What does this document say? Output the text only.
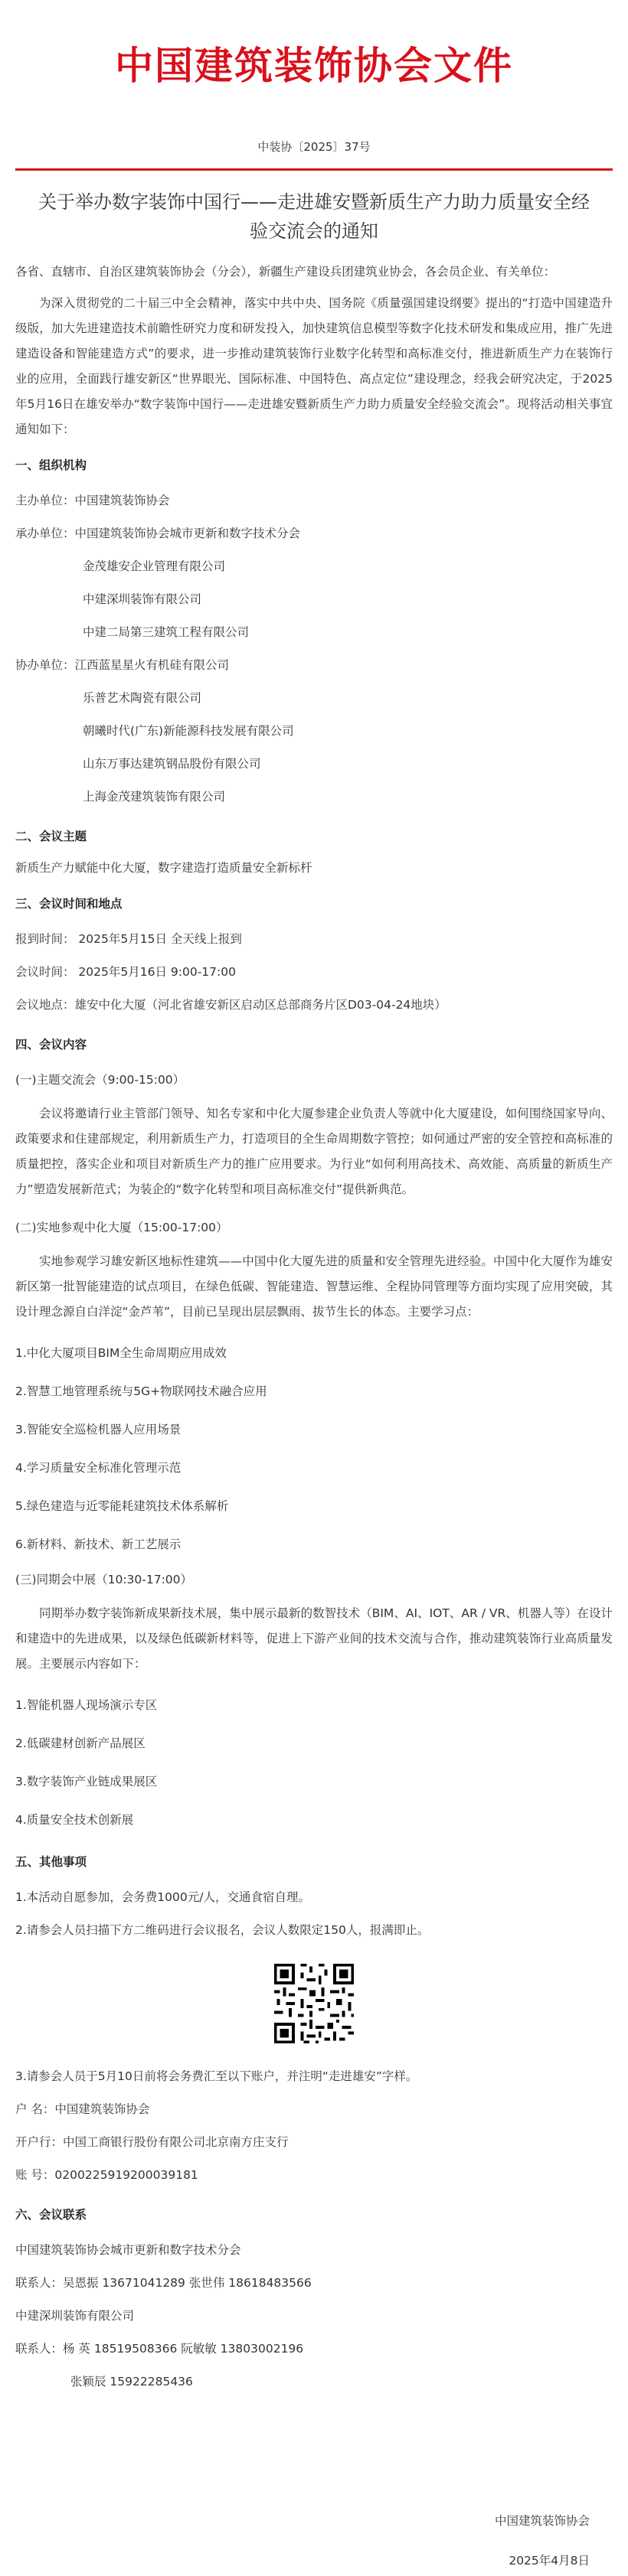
中国建筑装饰协会文件
中装协〔2025〕37号
关于举办数字装饰中国行——走进雄安暨新质生产力助力质量安全经验交流会的通知

各省、直辖市、自治区建筑装饰协会（分会），新疆生产建设兵团建筑业协会，各会员企业、有关单位：

为深入贯彻党的二十届三中全会精神，落实中共中央、国务院《质量强国建设纲要》提出的“打造中国建造升级版，加大先进建造技术前瞻性研究力度和研发投入，加快建筑信息模型等数字化技术研发和集成应用，推广先进建造设备和智能建造方式”的要求，进一步推动建筑装饰行业数字化转型和高标准交付，推进新质生产力在装饰行业的应用，全面践行雄安新区“世界眼光、国际标准、中国特色、高点定位”建设理念，经我会研究决定，于2025年5月16日在雄安举办“数字装饰中国行——走进雄安暨新质生产力助力质量安全经验交流会”。现将活动相关事宜通知如下：

一、组织机构
主办单位： 中国建筑装饰协会
承办单位： 中国建筑装饰协会城市更新和数字技术分会
金茂雄安企业管理有限公司
中建深圳装饰有限公司
中建二局第三建筑工程有限公司
协办单位： 江西蓝星星火有机硅有限公司
乐普艺术陶瓷有限公司
朝曦时代(广东)新能源科技发展有限公司
山东万事达建筑钢品股份有限公司
上海金茂建筑装饰有限公司
二、会议主题

新质生产力赋能中化大厦，数字建造打造质量安全新标杆

三、会议时间和地点
报到时间： 2025年5月15日 全天线上报到
会议时间： 2025年5月16日 9:00-17:00
会议地点：雄安中化大厦（河北省雄安新区启动区总部商务片区D03-04-24地块）
四、会议内容
(一)主题交流会（9:00-15:00）

会议将邀请行业主管部门领导、知名专家和中化大厦参建企业负责人等就中化大厦建设，如何围绕国家导向、政策要求和住建部规定，利用新质生产力，打造项目的全生命周期数字管控；如何通过严密的安全管控和高标准的质量把控，落实企业和项目对新质生产力的推广应用要求。为行业“如何利用高技术、高效能、高质量的新质生产力”塑造发展新范式；为装企的“数字化转型和项目高标准交付”提供新典范。

(二)实地参观中化大厦（15:00-17:00）

实地参观学习雄安新区地标性建筑——中国中化大厦先进的质量和安全管理先进经验。中国中化大厦作为雄安新区第一批智能建造的试点项目，在绿色低碳、智能建造、智慧运维、全程协同管理等方面均实现了应用突破，其设计理念源自白洋淀“金芦苇”，目前已呈现出层层飘雨、拔节生长的体态。主要学习点：

1.中化大厦项目BIM全生命周期应用成效
2.智慧工地管理系统与5G+物联网技术融合应用
3.智能安全巡检机器人应用场景
4.学习质量安全标准化管理示范
5.绿色建造与近零能耗建筑技术体系解析
6.新材料、新技术、新工艺展示
(三)同期会中展（10:30-17:00）

同期举办数字装饰新成果新技术展，集中展示最新的数智技术（BIM、AI、IOT、AR / VR、机器人等）在设计和建造中的先进成果，以及绿色低碳新材料等，促进上下游产业间的技术交流与合作，推动建筑装饰行业高质量发展。主要展示内容如下：

1.智能机器人现场演示专区
2.低碳建材创新产品展区
3.数字装饰产业链成果展区
4.质量安全技术创新展
五、其他事项
1.本活动自愿参加，会务费1000元/人，交通食宿自理。
2.请参会人员扫描下方二维码进行会议报名，会议人数限定150人，报满即止。
3.请参会人员于5月10日前将会务费汇至以下账户，并注明“走进雄安”字样。
户 名：中国建筑装饰协会
开户行：中国工商银行股份有限公司北京南方庄支行
账 号：0200225919200039181
六、会议联系
中国建筑装饰协会城市更新和数字技术分会
联系人：吴恩振 13671041289 张世伟 18618483566
中建深圳装饰有限公司
联系人：杨 英 18519508366 阮敏敏 13803002196
张颖辰 15922285436
中国建筑装饰协会
2025年4月8日
